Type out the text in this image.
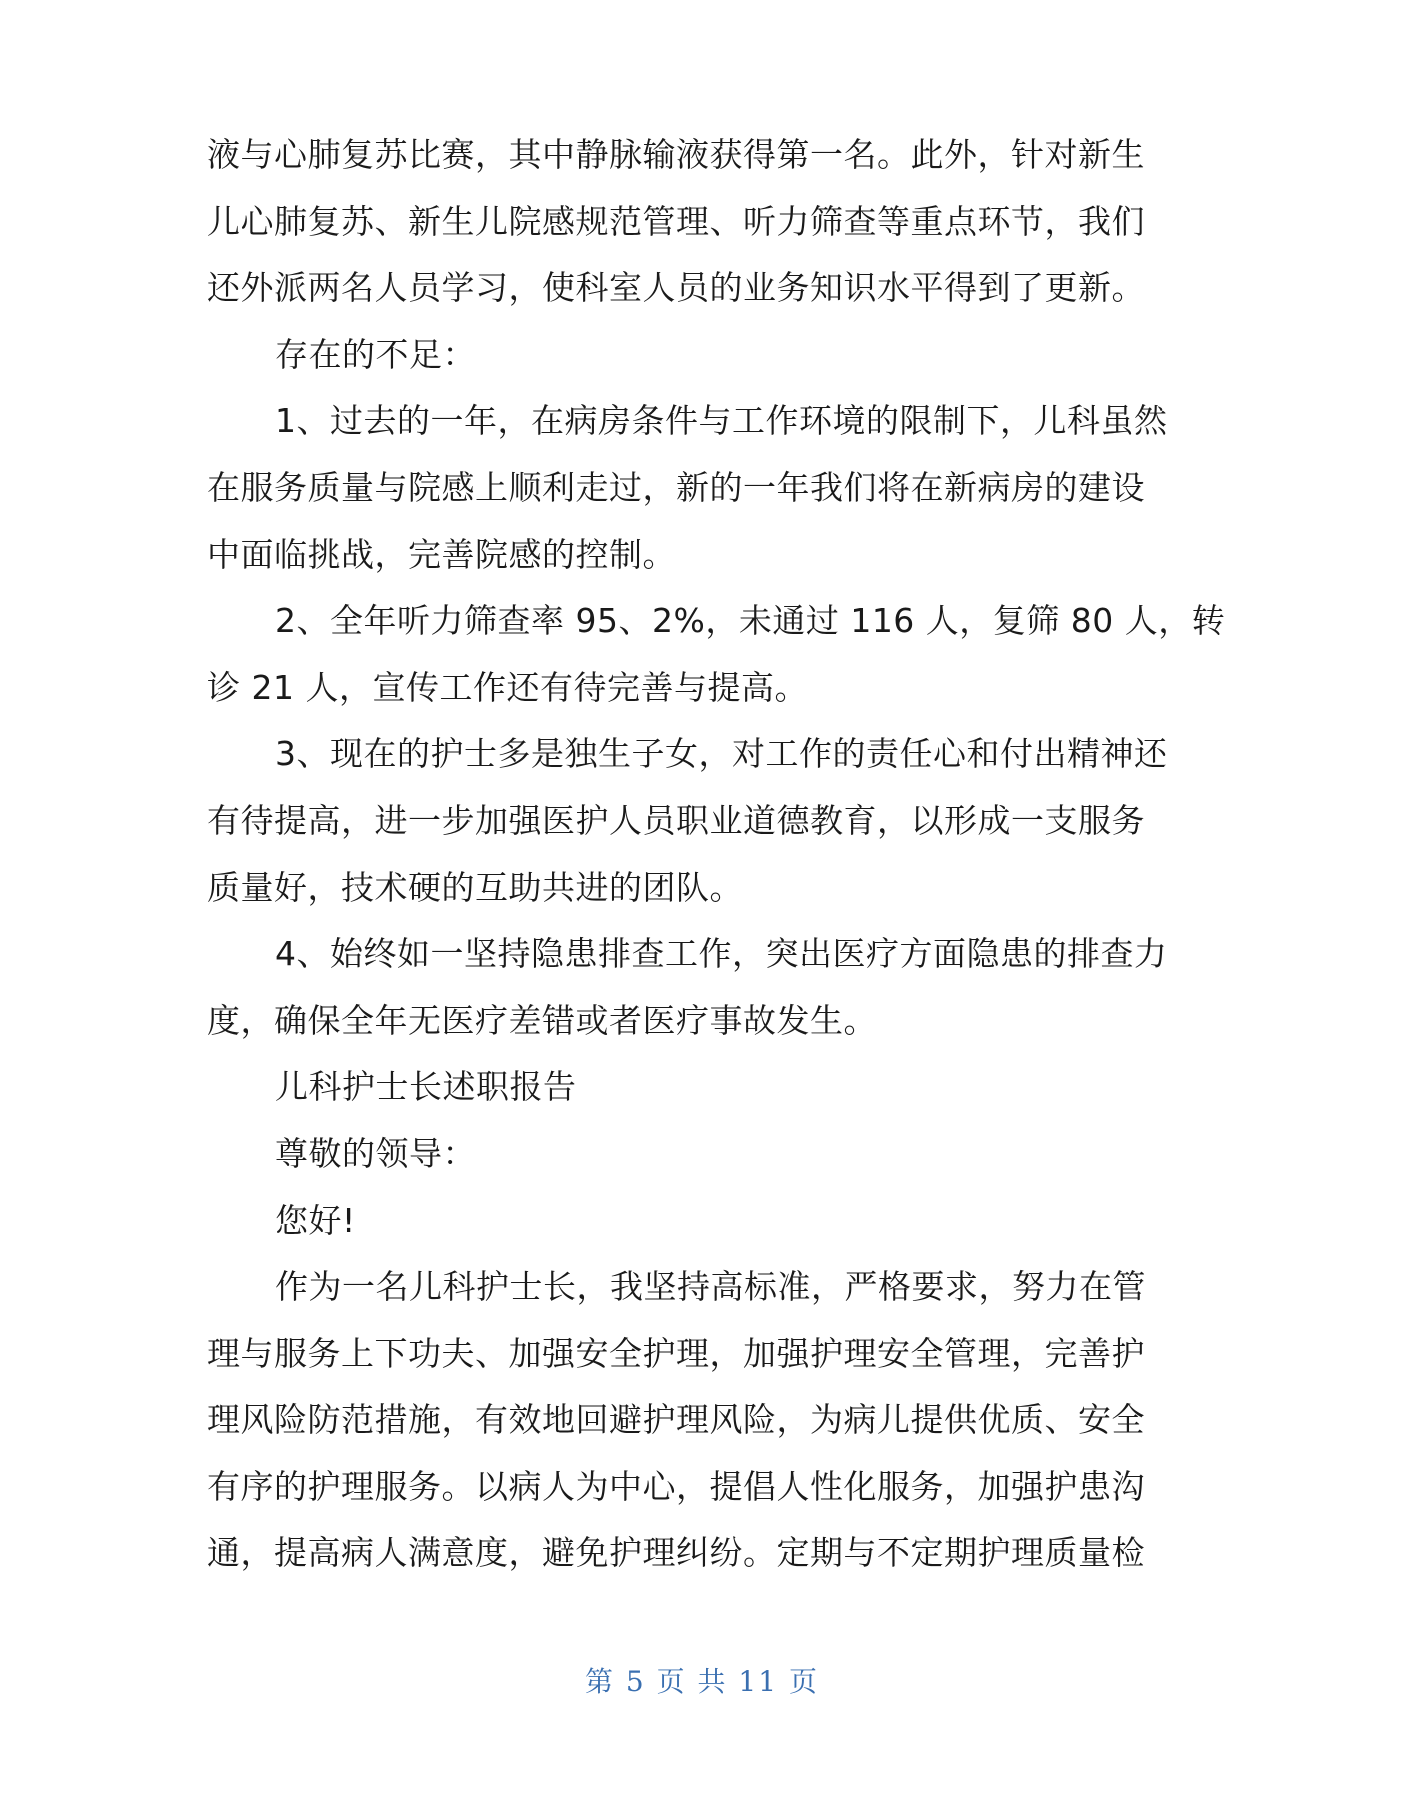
液与心肺复苏比赛，其中静脉输液获得第一名。此外，针对新生
儿心肺复苏、新生儿院感规范管理、听力筛查等重点环节，我们
还外派两名人员学习，使科室人员的业务知识水平得到了更新。
存在的不足：
1、过去的一年，在病房条件与工作环境的限制下，儿科虽然
在服务质量与院感上顺利走过，新的一年我们将在新病房的建设
中面临挑战，完善院感的控制。
2、全年听力筛查率 95、2%，未通过 116 人，复筛 80 人，转
诊 21 人，宣传工作还有待完善与提高。
3、现在的护士多是独生子女，对工作的责任心和付出精神还
有待提高，进一步加强医护人员职业道德教育，以形成一支服务
质量好，技术硬的互助共进的团队。
4、始终如一坚持隐患排查工作，突出医疗方面隐患的排查力
度，确保全年无医疗差错或者医疗事故发生。
儿科护士长述职报告
尊敬的领导：
您好!
作为一名儿科护士长，我坚持高标准，严格要求，努力在管
理与服务上下功夫、加强安全护理，加强护理安全管理，完善护
理风险防范措施，有效地回避护理风险，为病儿提供优质、安全
有序的护理服务。以病人为中心，提倡人性化服务，加强护患沟
通，提高病人满意度，避免护理纠纷。定期与不定期护理质量检
第 5 页 共 11 页
